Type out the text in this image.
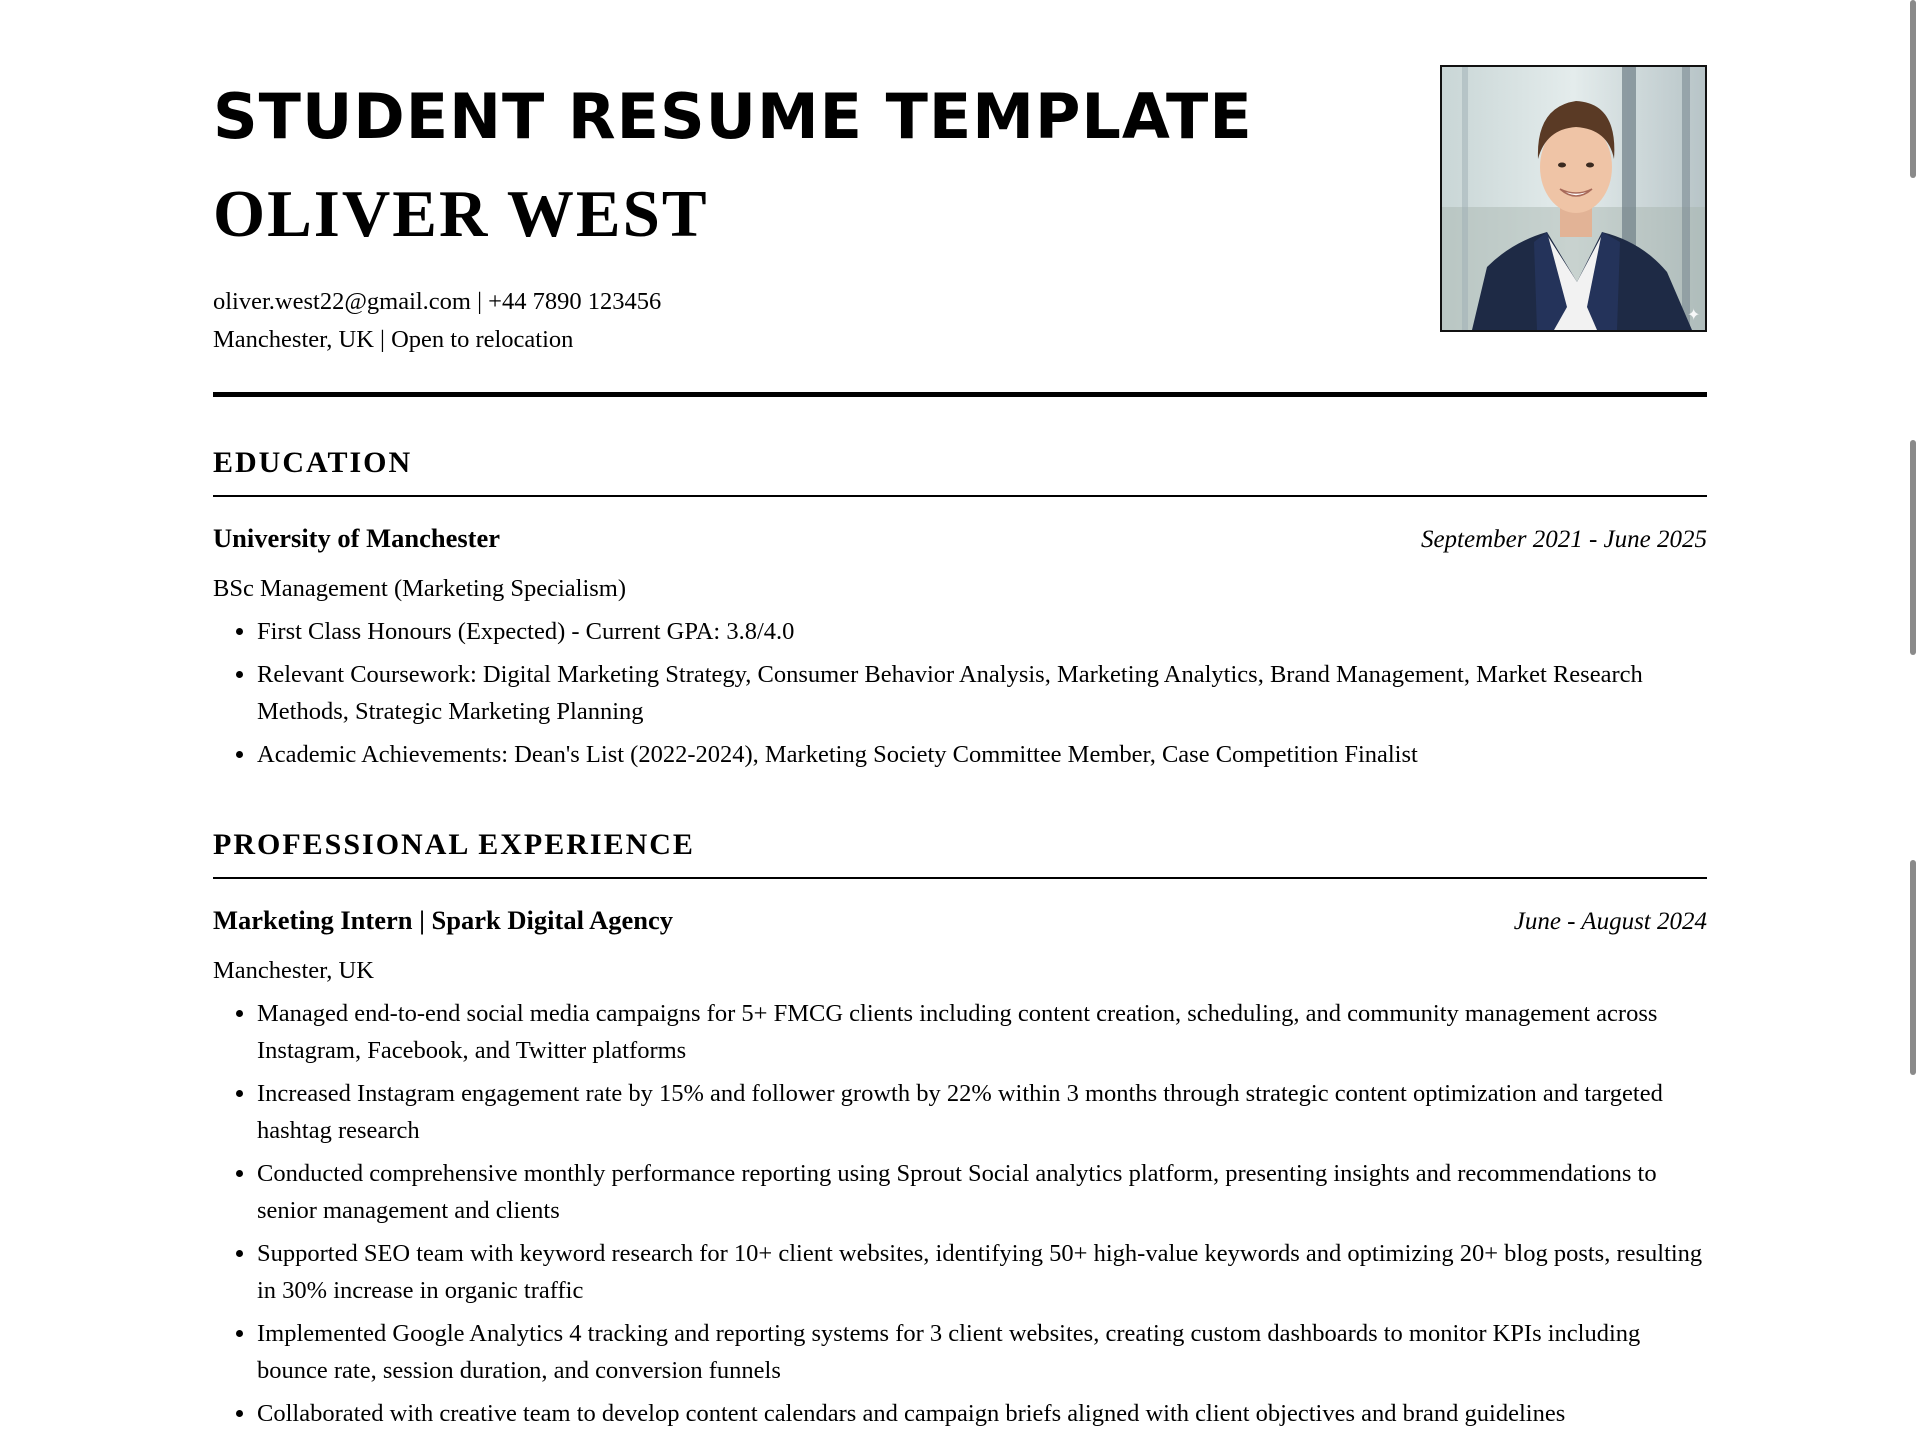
STUDENT RESUME TEMPLATE
OLIVER WEST
oliver.west22@gmail.com | +44 7890 123456
Manchester, UK | Open to relocation
✦
EDUCATION
University of Manchester	September 2021 - June 2025
BSc Management (Marketing Specialism)
• First Class Honours (Expected) - Current GPA: 3.8/4.0
• Relevant Coursework: Digital Marketing Strategy, Consumer Behavior Analysis, Marketing Analytics, Brand Management, Market Research Methods, Strategic Marketing Planning
• Academic Achievements: Dean's List (2022-2024), Marketing Society Committee Member, Case Competition Finalist
PROFESSIONAL EXPERIENCE
Marketing Intern | Spark Digital Agency	June - August 2024
Manchester, UK
• Managed end-to-end social media campaigns for 5+ FMCG clients including content creation, scheduling, and community management across Instagram, Facebook, and Twitter platforms
• Increased Instagram engagement rate by 15% and follower growth by 22% within 3 months through strategic content optimization and targeted hashtag research
• Conducted comprehensive monthly performance reporting using Sprout Social analytics platform, presenting insights and recommendations to senior management and clients
• Supported SEO team with keyword research for 10+ client websites, identifying 50+ high-value keywords and optimizing 20+ blog posts, resulting in 30% increase in organic traffic
• Implemented Google Analytics 4 tracking and reporting systems for 3 client websites, creating custom dashboards to monitor KPIs including bounce rate, session duration, and conversion funnels
• Collaborated with creative team to develop content calendars and campaign briefs aligned with client objectives and brand guidelines
